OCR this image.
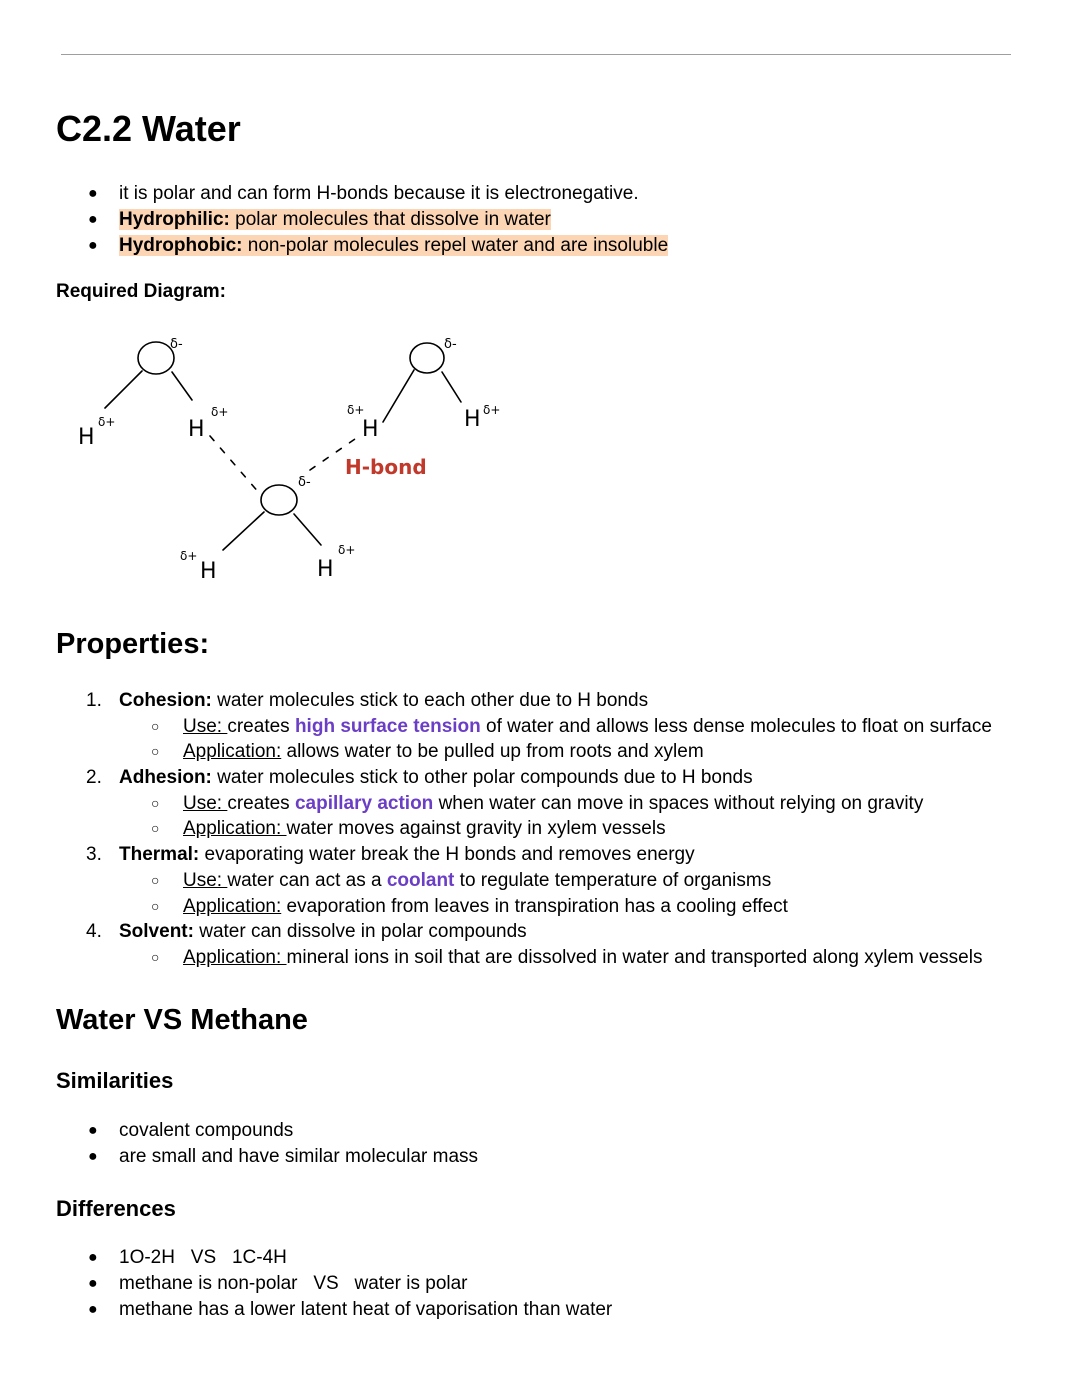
C2.2 Water
● it is polar and can form H-bonds because it is electronegative.
● Hydrophilic: polar molecules that dissolve in water
● Hydrophobic: non-polar molecules repel water and are insoluble
Required Diagram:
δ-	δ-
δ-
H
δ+	H
δ+
H
δ+	H δ+
H
δ+
H
δ+
H-bond
Properties:
1. Cohesion: water molecules stick to each other due to H bonds
○ Use: creates high surface tension of water and allows less dense molecules to float on surface
○ Application: allows water to be pulled up from roots and xylem
2. Adhesion: water molecules stick to other polar compounds due to H bonds
○ Use: creates capillary action when water can move in spaces without relying on gravity
○ Application: water moves against gravity in xylem vessels
3. Thermal: evaporating water break the H bonds and removes energy
○ Use: water can act as a coolant to regulate temperature of organisms
○ Application: evaporation from leaves in transpiration has a cooling effect
4. Solvent: water can dissolve in polar compounds
○ Application: mineral ions in soil that are dissolved in water and transported along xylem vessels
Water VS Methane
Similarities
● covalent compounds
● are small and have similar molecular mass
Differences
● 1O-2H   VS   1C-4H
● methane is non-polar   VS   water is polar
● methane has a lower latent heat of vaporisation than water
